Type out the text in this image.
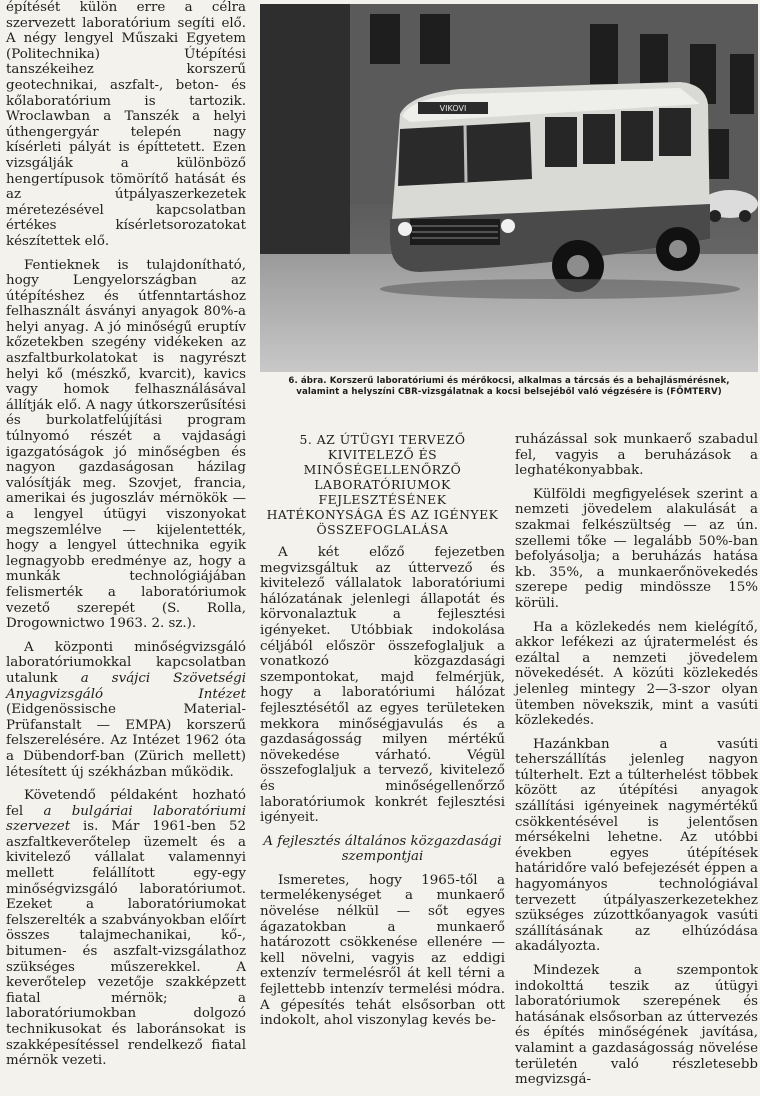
építését külön erre a célra szervezett laboratórium segíti elő. A négy lengyel Műszaki Egyetem (Politechnika) Útépítési tanszékeihez korszerű geotechnikai, aszfalt-, beton- és kőlaboratórium is tartozik. Wroclawban a Tanszék a helyi úthengergyár telepén nagy kísérleti pályát is építtetett. Ezen vizsgálják a különböző hengertípusok tömörítő hatását és az útpályaszerkezetek méretezésével kapcsolatban értékes kísérletsorozatokat készítettek elő.

Fentieknek is tulajdonítható, hogy Lengyelországban az útépítéshez és útfenntartáshoz felhasznált ásványi anyagok 80%-a helyi anyag. A jó minőségű eruptív kőzetekben szegény vidékeken az aszfaltburkolatokat is nagyrészt helyi kő (mészkő, kvarcit), kavics vagy homok felhasználásával állítják elő. A nagy útkorszerűsítési és burkolatfelújítási program túlnyomó részét a vajdasági igazgatóságok jó minőségben és nagyon gazdaságosan házilag valósítják meg. Szovjet, francia, amerikai és jugoszláv mérnökök — a lengyel útügyi viszonyokat megszemlélve — kijelentették, hogy a lengyel úttechnika egyik legnagyobb eredménye az, hogy a munkák technológiájában felismerték a laboratóriumok vezető szerepét (S. Rolla, Drogownictwo 1963. 2. sz.).

A központi minőségvizsgáló laboratóriumokkal kapcsolatban utalunk a svájci Szövetségi Anyagvizsgáló Intézet (Eidgenössische Material-Prüfanstalt — EMPA) korszerű felszerelésére. Az Intézet 1962 óta a Dübendorf-ban (Zürich mellett) létesített új székházban működik.

Követendő példaként hozható fel a bulgáriai laboratóriumi szervezet is. Már 1961-ben 52 aszfaltkeverőtelep üzemelt és a kivitelező vállalat valamennyi mellett felállított egy-egy minőségvizsgáló laboratóriumot. Ezeket a laboratóriumokat felszerelték a szabványokban előírt összes talajmechanikai, kő-, bitumen- és aszfalt-vizsgálathoz szükséges műszerekkel. A keverőtelep vezetője szakképzett fiatal mérnök; a laboratóriumokban dolgozó technikusokat és laboránsokat is szakképesítéssel rendelkező fiatal mérnök vezeti.

VIKOVI
6. ábra. Korszerű laboratóriumi és mérőkocsi, alkalmas a tárcsás és a behajlásmérésnek, valamint a helyszíni CBR-vizsgálatnak a kocsi belsejéből való végzésére is (FŐMTERV)

5. AZ ÚTÜGYI TERVEZŐ KIVITELEZŐ ÉS MINŐSÉGELLENŐRZŐ LABORATÓRIUMOK FEJLESZTÉSÉNEK HATÉKONYSÁGA ÉS AZ IGÉNYEK ÖSSZEFOGLALÁSA

A két előző fejezetben megvizsgáltuk az úttervező és kivitelező vállalatok laboratóriumi hálózatának jelenlegi állapotát és körvonalaztuk a fejlesztési igényeket. Utóbbiak indokolása céljából először összefoglaljuk a vonatkozó közgazdasági szempontokat, majd felmérjük, hogy a laboratóriumi hálózat fejlesztésétől az egyes területeken mekkora minőségjavulás és a gazdaságosság milyen mértékű növekedése várható. Végül összefoglaljuk a tervező, kivitelező és minőségellenőrző laboratóriumok konkrét fejlesztési igényeit.

A fejlesztés általános közgazdasági szempontjai

Ismeretes, hogy 1965-től a termelékenységet a munkaerő növelése nélkül — sőt egyes ágazatokban a munkaerő határozott csökkenése ellenére — kell növelni, vagyis az eddigi extenzív termelésről át kell térni a fejlettebb intenzív termelési módra. A gépesítés tehát elsősorban ott indokolt, ahol viszonylag kevés be-

ruházással sok munkaerő szabadul fel, vagyis a beruházások a leghatékonyabbak.

Külföldi megfigyelések szerint a nemzeti jövedelem alakulását a szakmai felkészültség — az ún. szellemi tőke — legalább 50%-ban befolyásolja; a beruházás hatása kb. 35%, a munkaerőnövekedés szerepe pedig mindössze 15% körüli.

Ha a közlekedés nem kielégítő, akkor lefékezi az újratermelést és ezáltal a nemzeti jövedelem növekedését. A közúti közlekedés jelenleg mintegy 2—3-szor olyan ütemben növekszik, mint a vasúti közlekedés.

Hazánkban a vasúti teherszállítás jelenleg nagyon túlterhelt. Ezt a túlterhelést többek között az útépítési anyagok szállítási igényeinek nagymértékű csökkentésével is jelentősen mérsékelni lehetne. Az utóbbi években egyes útépítések határidőre való befejezését éppen a hagyományos technológiával tervezett útpályaszerkezetekhez szükséges zúzottkőanyagok vasúti szállításának az elhúzódása akadályozta.

Mindezek a szempontok indokolttá teszik az útügyi laboratóriumok szerepének és hatásának elsősorban az úttervezés és építés minőségének javítása, valamint a gazdaságosság növelése területén való részletesebb megvizsgá-
